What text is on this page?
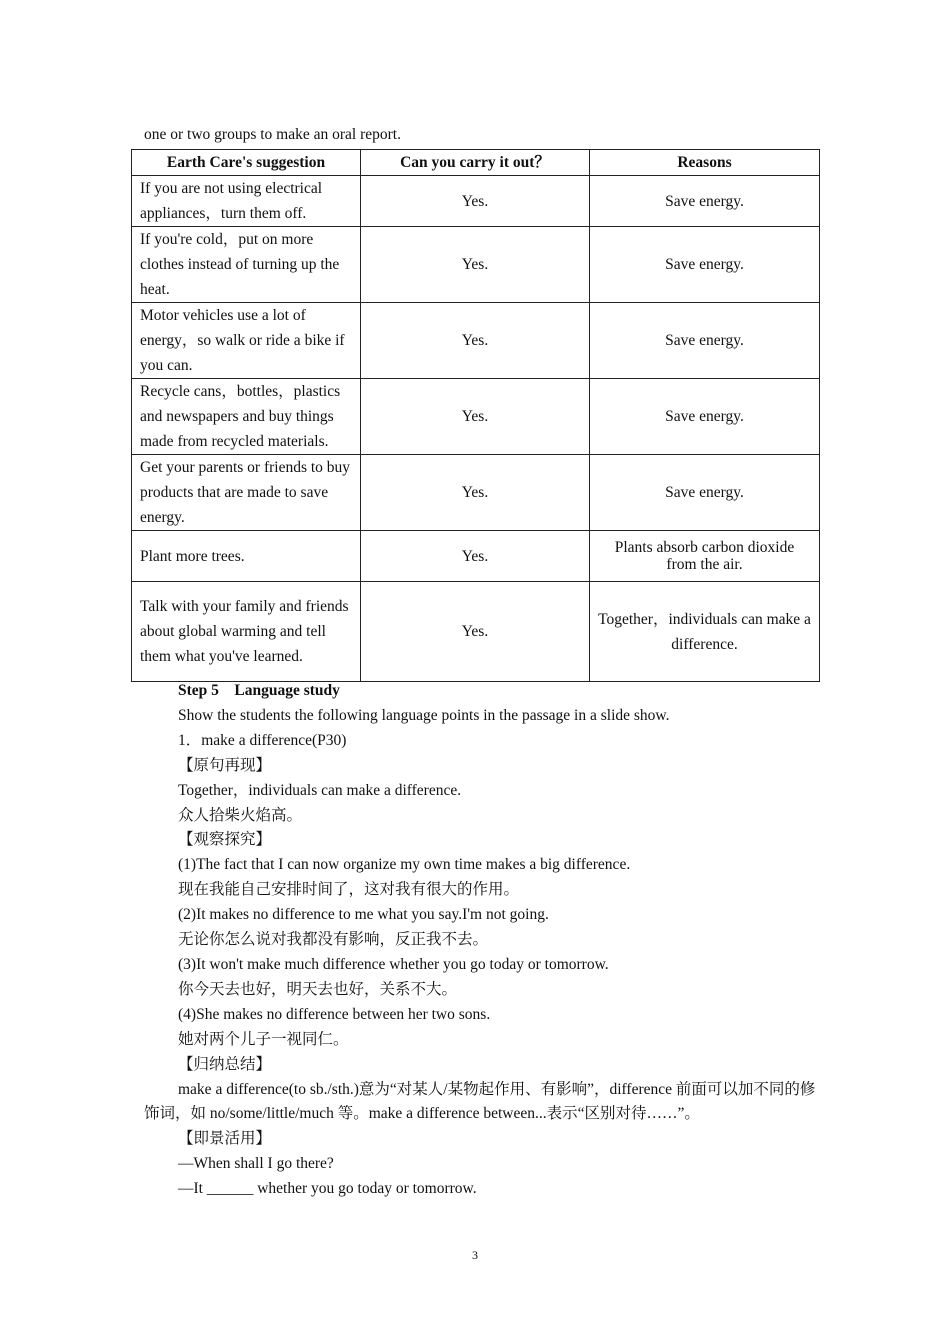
one or two groups to make an oral report.
Earth Care's suggestion	Can you carry it out？	Reasons
If you are not using electrical appliances，turn them off.	Yes.	Save energy.
If you're cold，put on more clothes instead of turning up the heat.	Yes.	Save energy.
Motor vehicles use a lot of energy，so walk or ride a bike if you can.	Yes.	Save energy.
Recycle cans，bottles，plastics and newspapers and buy things made from recycled materials.	Yes.	Save energy.
Get your parents or friends to buy products that are made to save energy.	Yes.	Save energy.
Plant more trees.	Yes.	Plants absorb carbon dioxide from the air.
Talk with your family and friends about global warming and tell them what you've learned.	Yes.	Together，individuals can make a difference.
Step 5　Language study
Show the students the following language points in the passage in a slide show.
1．make a difference(P30)
【原句再现】
Together，individuals can make a difference.
众人拾柴火焰高。
【观察探究】
(1)The fact that I can now organize my own time makes a big difference.
现在我能自己安排时间了，这对我有很大的作用。
(2)It makes no difference to me what you say.I'm not going.
无论你怎么说对我都没有影响，反正我不去。
(3)It won't make much difference whether you go today or tomorrow.
你今天去也好，明天去也好，关系不大。
(4)She makes no difference between her two sons.
她对两个儿子一视同仁。
【归纳总结】
make a difference(to sb./sth.)意为“对某人/某物起作用、有影响”，difference 前面可以加不同的修饰词，如 no/some/little/much 等。make a difference between...表示“区别对待……”。
【即景活用】
—When shall I go there?
—It ______ whether you go today or tomorrow.
3
